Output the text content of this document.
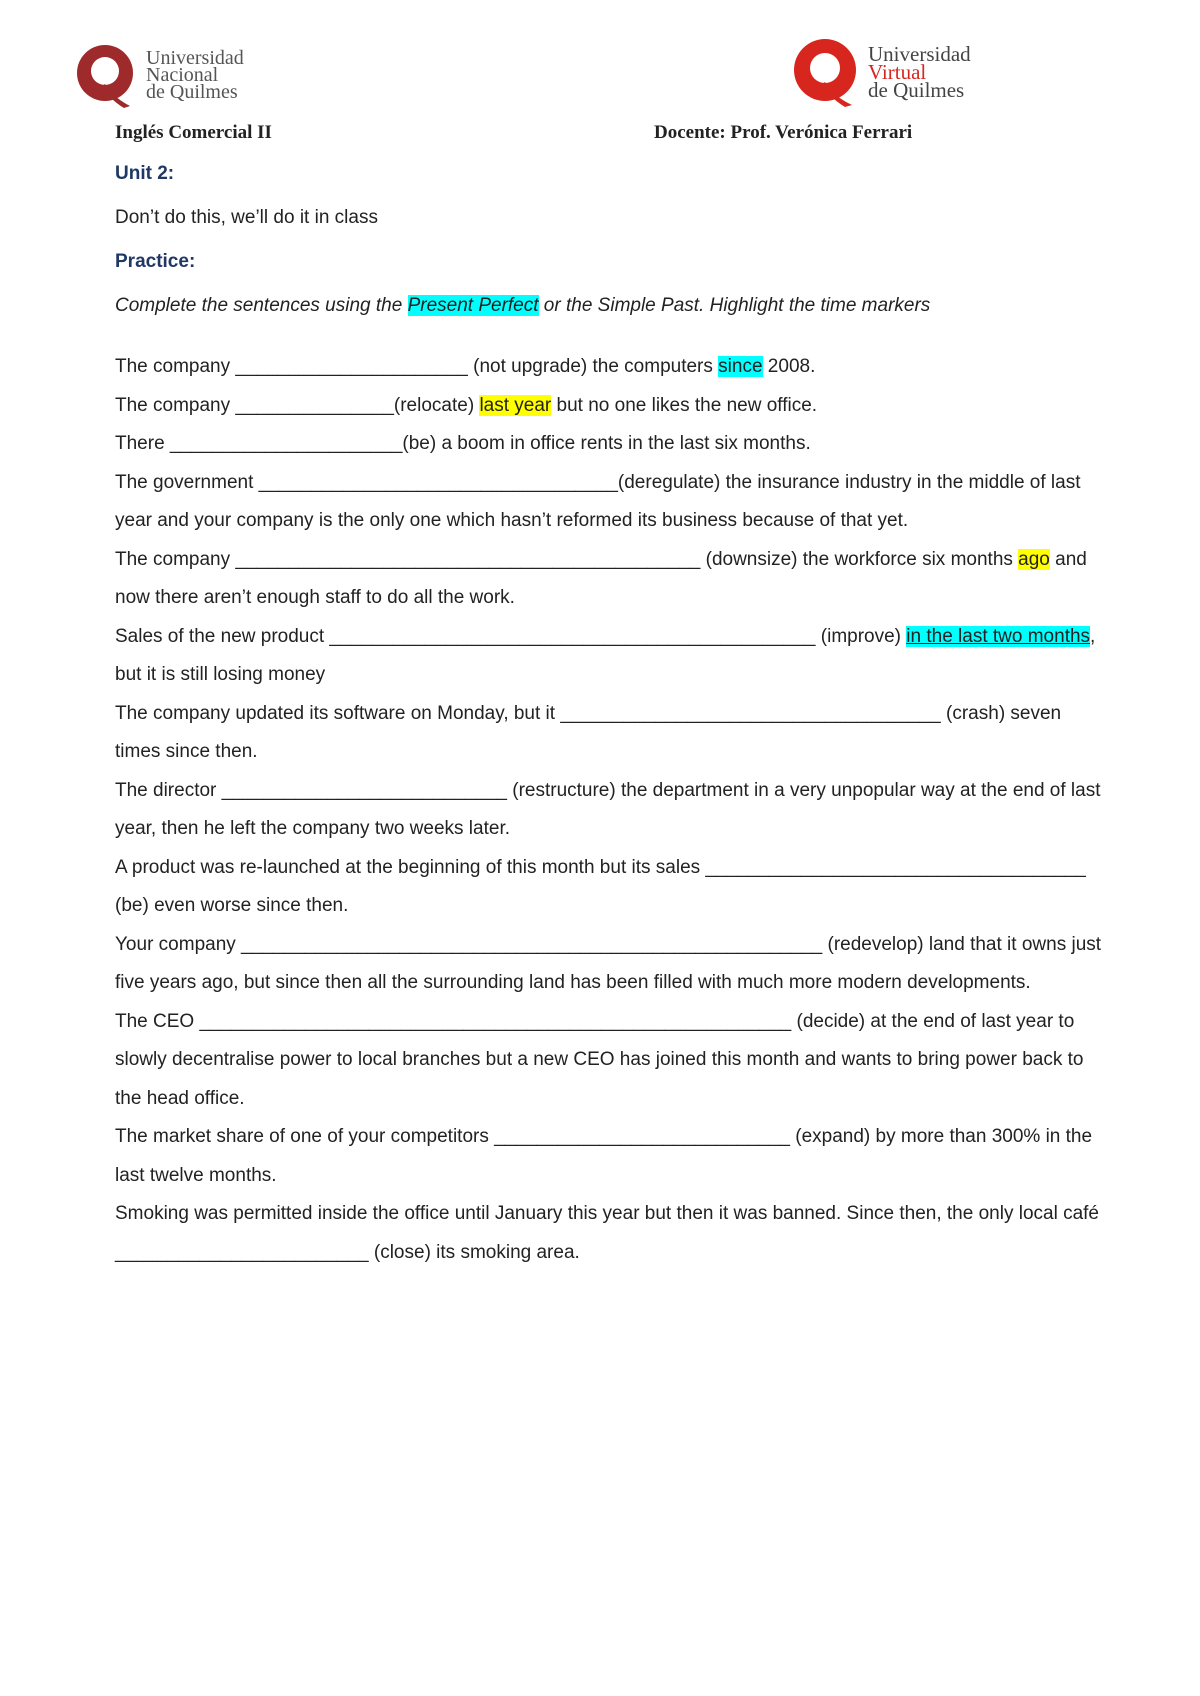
Universidad
Nacional
de Quilmes
Universidad
Virtual
de Quilmes
Inglés Comercial II	Docente: Prof. Verónica Ferrari
Unit 2:
Don’t do this, we’ll do it in class
Practice:
Complete the sentences using the Present Perfect or the Simple Past. Highlight the time markers

The company ______________________ (not upgrade) the computers since 2008.

The company _______________(relocate) last year but no one likes the new office.

There ______________________(be) a boom in office rents in the last six months.

The government __________________________________(deregulate) the insurance industry in the middle of last year and your company is the only one which hasn’t reformed its business because of that yet.

The company ____________________________________________ (downsize) the workforce six months ago and now there aren’t enough staff to do all the work.

Sales of the new product ______________________________________________ (improve) in the last two months, but it is still losing money

The company updated its software on Monday, but it ____________________________________ (crash) seven times since then.

The director ___________________________ (restructure) the department in a very unpopular way at the end of last year, then he left the company two weeks later.

A product was re-launched at the beginning of this month but its sales ____________________________________ (be) even worse since then.

Your company _______________________________________________________ (redevelop) land that it owns just five years ago, but since then all the surrounding land has been filled with much more modern developments.

The CEO ________________________________________________________ (decide) at the end of last year to slowly decentralise power to local branches but a new CEO has joined this month and wants to bring power back to the head office.

The market share of one of your competitors ____________________________ (expand) by more than 300% in the last twelve months.

Smoking was permitted inside the office until January this year but then it was banned. Since then, the only local café ________________________ (close) its smoking area.
